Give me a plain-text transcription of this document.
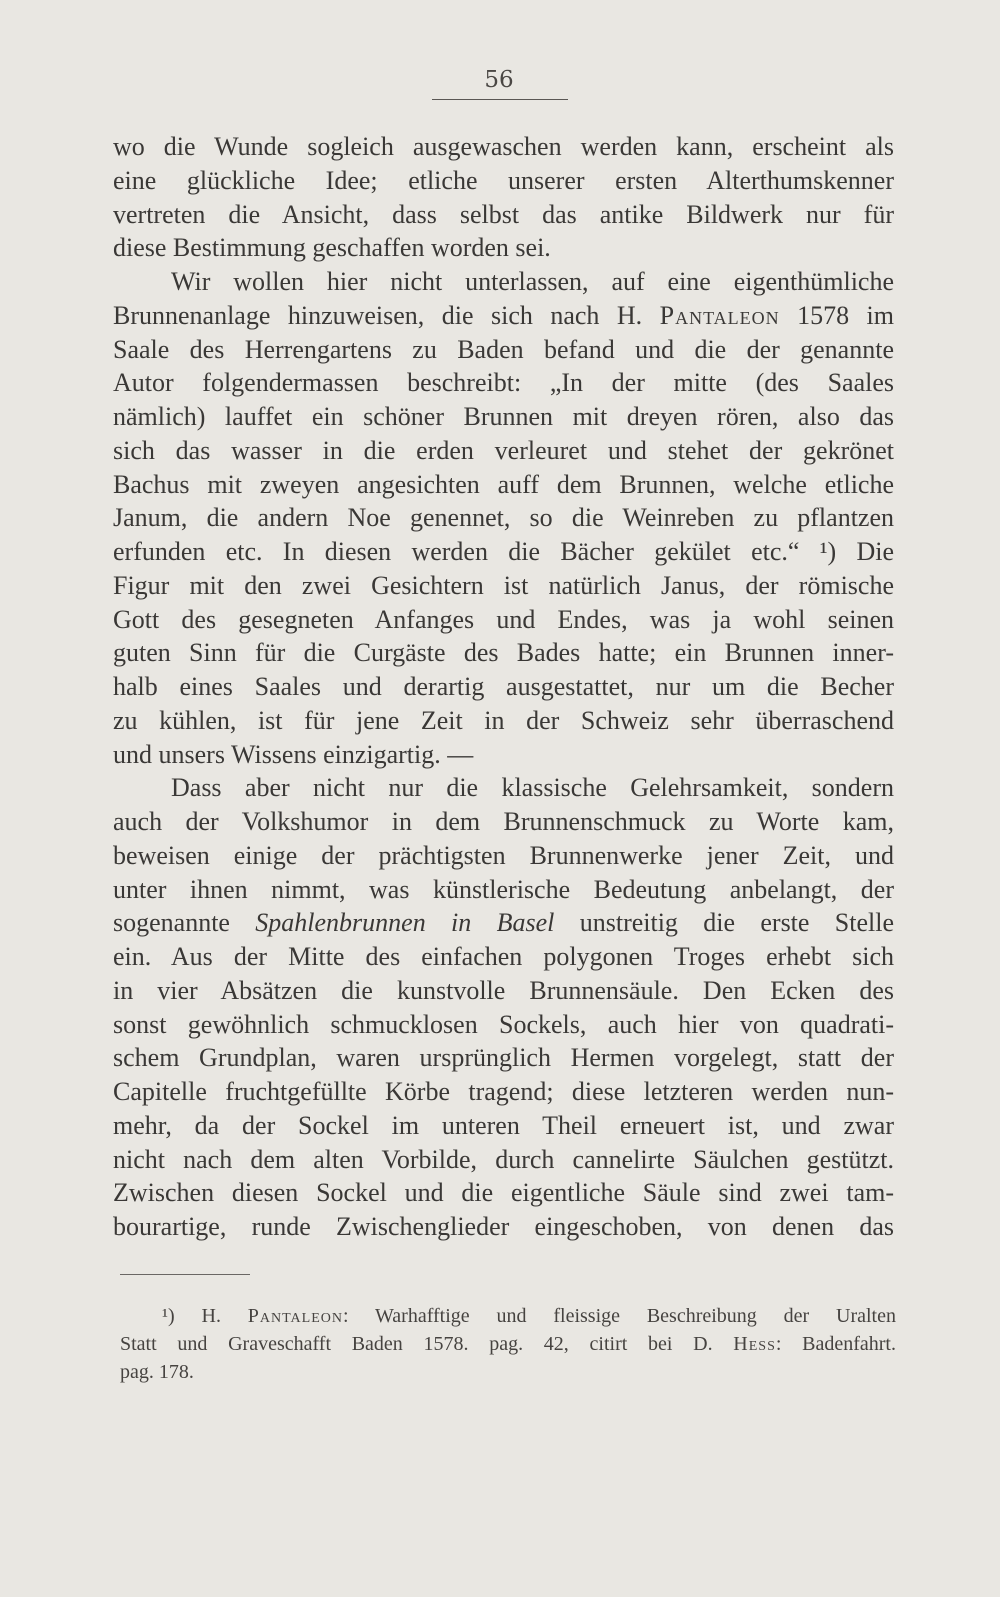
56
wo die Wunde sogleich ausgewaschen werden kann, erscheint als
eine glückliche Idee; etliche unserer ersten Alterthumskenner
vertreten die Ansicht, dass selbst das antike Bildwerk nur für
diese Bestimmung geschaffen worden sei.
Wir wollen hier nicht unterlassen, auf eine eigenthümliche
Brunnenanlage hinzuweisen, die sich nach H. Pantaleon 1578 im
Saale des Herrengartens zu Baden befand und die der genannte
Autor folgendermassen beschreibt: „In der mitte (des Saales
nämlich) lauffet ein schöner Brunnen mit dreyen rören, also das
sich das wasser in die erden verleuret und stehet der gekrönet
Bachus mit zweyen angesichten auff dem Brunnen, welche etliche
Janum, die andern Noe genennet, so die Weinreben zu pflantzen
erfunden etc. In diesen werden die Bächer gekület etc.“ ¹) Die
Figur mit den zwei Gesichtern ist natürlich Janus, der römische
Gott des gesegneten Anfanges und Endes, was ja wohl seinen
guten Sinn für die Curgäste des Bades hatte; ein Brunnen inner-
halb eines Saales und derartig ausgestattet, nur um die Becher
zu kühlen, ist für jene Zeit in der Schweiz sehr überraschend
und unsers Wissens einzigartig. —
Dass aber nicht nur die klassische Gelehrsamkeit, sondern
auch der Volkshumor in dem Brunnenschmuck zu Worte kam,
beweisen einige der prächtigsten Brunnenwerke jener Zeit, und
unter ihnen nimmt, was künstlerische Bedeutung anbelangt, der
sogenannte Spahlenbrunnen in Basel unstreitig die erste Stelle
ein. Aus der Mitte des einfachen polygonen Troges erhebt sich
in vier Absätzen die kunstvolle Brunnensäule. Den Ecken des
sonst gewöhnlich schmucklosen Sockels, auch hier von quadrati-
schem Grundplan, waren ursprünglich Hermen vorgelegt, statt der
Capitelle fruchtgefüllte Körbe tragend; diese letzteren werden nun-
mehr, da der Sockel im unteren Theil erneuert ist, und zwar
nicht nach dem alten Vorbilde, durch cannelirte Säulchen gestützt.
Zwischen diesen Sockel und die eigentliche Säule sind zwei tam-
bourartige, runde Zwischenglieder eingeschoben, von denen das
¹) H. Pantaleon: Warhafftige und fleissige Beschreibung der Uralten
Statt und Graveschafft Baden 1578. pag. 42, citirt bei D. Hess: Badenfahrt.
pag. 178.
